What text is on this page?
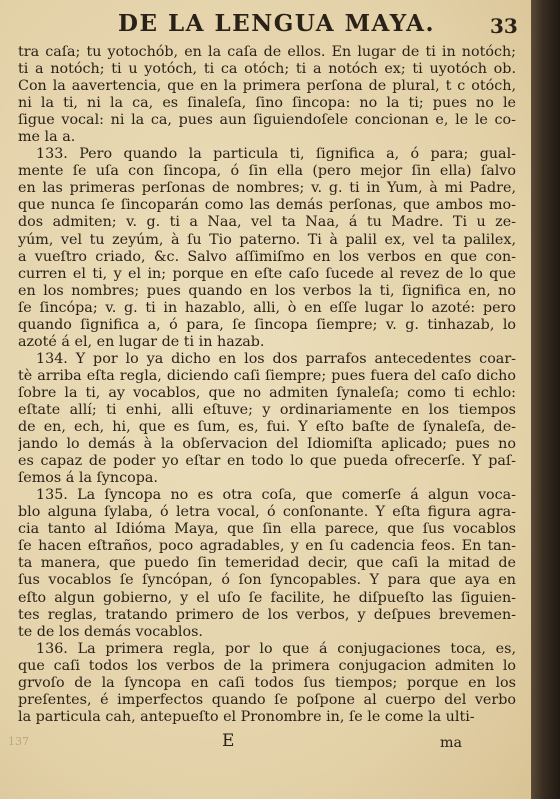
DE LA LENGUA MAYA.	33
tra caſa; tu yotochób, en la caſa de ellos. En lugar de ti in notóch;
ti a notóch; ti u yotóch, ti ca otóch; ti a notóch ex; ti uyotóch ob.
Con la aavertencia, que en la primera perſona de plural, t c otóch,
ni la ti, ni la ca, es ſinaleſa, ſino ſincopa: no la ti; pues no le
ſigue vocal: ni la ca, pues aun ſiguiendoſele concionan e, le le co-
me la a.
133. Pero quando la particula ti, ſignifica a, ó para; gual-
mente ſe uſa con ſincopa, ó ſin ella (pero mejor ſin ella) ſalvo
en las primeras perſonas de nombres; v. g. ti in Yum, à mi Padre,
que nunca ſe ſincoparán como las demás perſonas, que ambos mo-
dos admiten; v. g. ti a Naa, vel ta Naa, á tu Madre. Ti u ze-
yúm, vel tu zeyúm, à ſu Tio paterno. Ti à palil ex, vel ta palilex,
a vueſtro criado, &c. Salvo aſſimiſmo en los verbos en que con-
curren el ti, y el in; porque en eſte caſo ſucede al revez de lo que
en los nombres; pues quando en los verbos la ti, ſignifica en, no
ſe ſincópa; v. g. ti in hazablo, alli, ò en eſſe lugar lo azoté: pero
quando ſignifica a, ó para, ſe ſincopa ſiempre; v. g. tinhazab, lo
azoté á el, en lugar de ti in hazab.
134. Y por lo ya dicho en los dos parrafos antecedentes coar-
tè arriba eſta regla, diciendo caſi ſiempre; pues fuera del caſo dicho
ſobre la ti, ay vocablos, que no admiten ſynaleſa; como ti echlo:
eſtate allí; ti enhi, alli eſtuve; y ordinariamente en los tiempos
de en, ech, hi, que es ſum, es, fui. Y eſto baſte de ſynaleſa, de-
jando lo demás à la obſervacion del Idiomiſta aplicado; pues no
es capaz de poder yo eſtar en todo lo que pueda ofrecerſe. Y paſ-
ſemos á la ſyncopa.
135. La ſyncopa no es otra coſa, que comerſe á algun voca-
blo alguna ſylaba, ó letra vocal, ó conſonante. Y eſta figura agra-
cia tanto al Idióma Maya, que ſin ella parece, que ſus vocablos
ſe hacen eſtraños, poco agradables, y en ſu cadencia feos. En tan-
ta manera, que puedo ſin temeridad decir, que caſi la mitad de
ſus vocablos ſe ſyncópan, ó ſon ſyncopables. Y para que aya en
eſto algun gobierno, y el uſo ſe facilite, he diſpueſto las ſiguien-
tes reglas, tratando primero de los verbos, y deſpues brevemen-
te de los demás vocablos.
136. La primera regla, por lo que á conjugaciones toca, es,
que caſi todos los verbos de la primera conjugacion admiten lo
grvoſo de la ſyncopa en caſi todos ſus tiempos; porque en los
preſentes, é imperfectos quando ſe poſpone al cuerpo del verbo
la particula cah, antepueſto el Pronombre in, ſe le come la ulti-
137	E	ma
